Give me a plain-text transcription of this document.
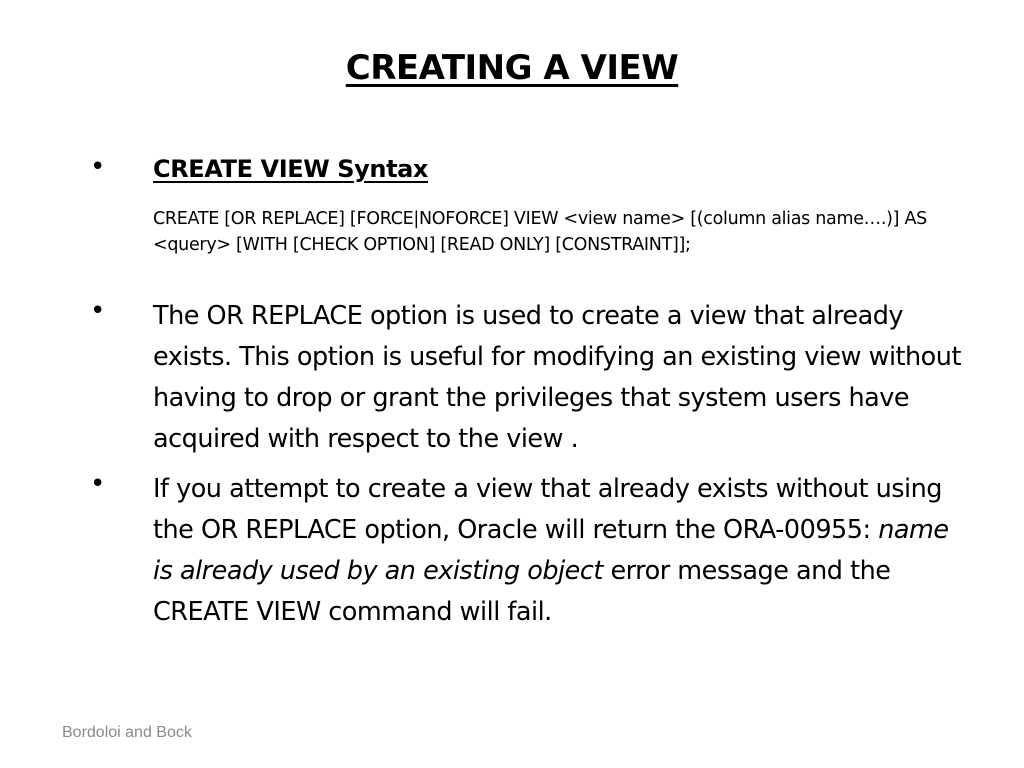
CREATING A VIEW
• CREATE VIEW Syntax
CREATE [OR REPLACE] [FORCE|NOFORCE] VIEW <view name> [(column alias name….)] AS <query> [WITH [CHECK OPTION] [READ ONLY] [CONSTRAINT]];
• The OR REPLACE option is used to create a view that already exists. This option is useful for modifying an existing view without having to drop or grant the privileges that system users have acquired with respect to the view .
• If you attempt to create a view that already exists without using the OR REPLACE option, Oracle will return the ORA-00955: name is already used by an existing object error message and the CREATE VIEW command will fail.
Bordoloi and Bock
